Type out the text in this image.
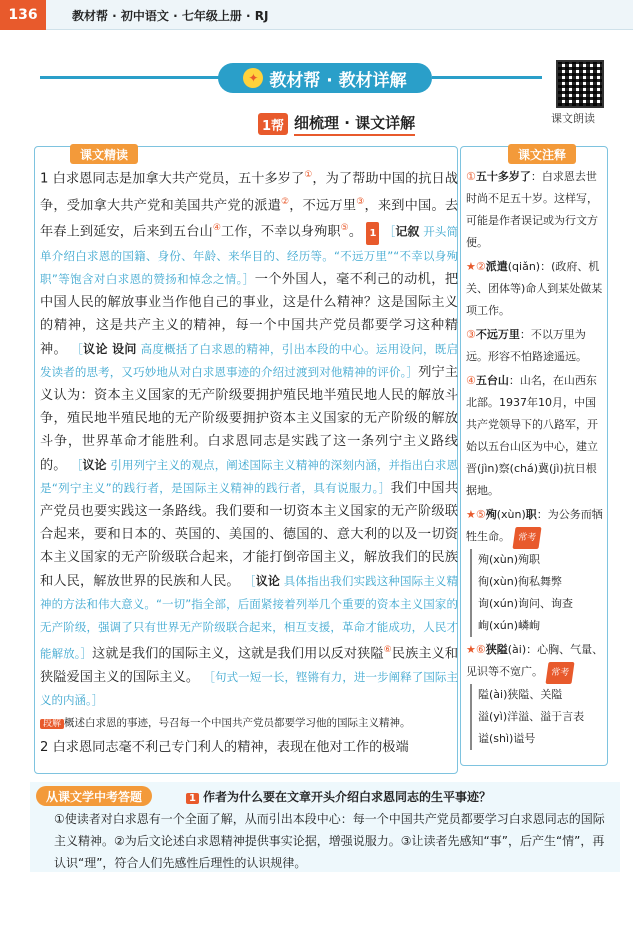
136	教材帮 · 初中语文 · 七年级上册 · RJ
✦ 教材帮 · 教材详解
课文朗读
1帮 细梳理 · 课文详解
课文精读	课文注释

1 白求恩同志是加拿大共产党员，五十多岁了①，为了帮助中国的抗日战争，受加拿大共产党和美国共产党的派遣②，不远万里③，来到中国。去年春上到延安，后来到五台山④工作，不幸以身殉职⑤。 1 ［记叙 开头简单介绍白求恩的国籍、身份、年龄、来华目的、经历等。“不远万里”“不幸以身殉职”等饱含对白求恩的赞扬和悼念之情。］一个外国人，毫不利己的动机，把中国人民的解放事业当作他自己的事业，这是什么精神？这是国际主义的精神，这是共产主义的精神，每一个中国共产党员都要学习这种精神。 ［议论 设问 高度概括了白求恩的精神，引出本段的中心。运用设问，既启发读者的思考，又巧妙地从对白求恩事迹的介绍过渡到对他精神的评价。］列宁主义认为：资本主义国家的无产阶级要拥护殖民地半殖民地人民的解放斗争，殖民地半殖民地的无产阶级要拥护资本主义国家的无产阶级的解放斗争，世界革命才能胜利。白求恩同志是实践了这一条列宁主义路线的。 ［议论 引用列宁主义的观点，阐述国际主义精神的深刻内涵，并指出白求恩是“列宁主义”的践行者，是国际主义精神的践行者，具有说服力。］我们中国共产党员也要实践这一条路线。我们要和一切资本主义国家的无产阶级联合起来，要和日本的、英国的、美国的、德国的、意大利的以及一切资本主义国家的无产阶级联合起来，才能打倒帝国主义，解放我们的民族和人民，解放世界的民族和人民。 ［议论 具体指出我们实践这种国际主义精神的方法和伟大意义。“一切”指全部，后面紧接着列举几个重要的资本主义国家的无产阶级，强调了只有世界无产阶级联合起来，相互支援，革命才能成功，人民才能解放。］这就是我们的国际主义，这就是我们用以反对狭隘⑥民族主义和狭隘爱国主义的国际主义。 ［句式一短一长，铿锵有力，进一步阐释了国际主义的内涵。］

段解 概述白求恩的事迹，号召每一个中国共产党员都要学习他的国际主义精神。

2 白求恩同志毫不利己专门利人的精神，表现在他对工作的极端

①五十多岁了：白求恩去世时尚不足五十岁。这样写，可能是作者误记或为行文方便。
★②派遣(qiǎn)：(政府、机关、团体等)命人到某处做某项工作。
③不远万里：不以万里为远。形容不怕路途遥远。
④五台山：山名，在山西东北部。1937年10月，中国共产党领导下的八路军，开始以五台山区为中心，建立晋(jìn)察(chá)冀(jì)抗日根据地。
★⑤殉(xùn)职：为公务而牺牲生命。 常考
殉(xùn)殉职
徇(xùn)徇私舞弊
询(xún)询问、询查
峋(xún)嶙峋
★⑥狭隘(ài)：心胸、气量、见识等不宽广。 常考
隘(ài)狭隘、关隘
溢(yì)洋溢、溢于言表
谥(shì)谥号
从课文学中考答题	1 作者为什么要在文章开头介绍白求恩同志的生平事迹？
①使读者对白求恩有一个全面了解，从而引出本段中心：每一个中国共产党员都要学习白求恩同志的国际主义精神。②为后文论述白求恩精神提供事实论据，增强说服力。③让读者先感知“事”，后产生“情”，再认识“理”，符合人们先感性后理性的认识规律。
